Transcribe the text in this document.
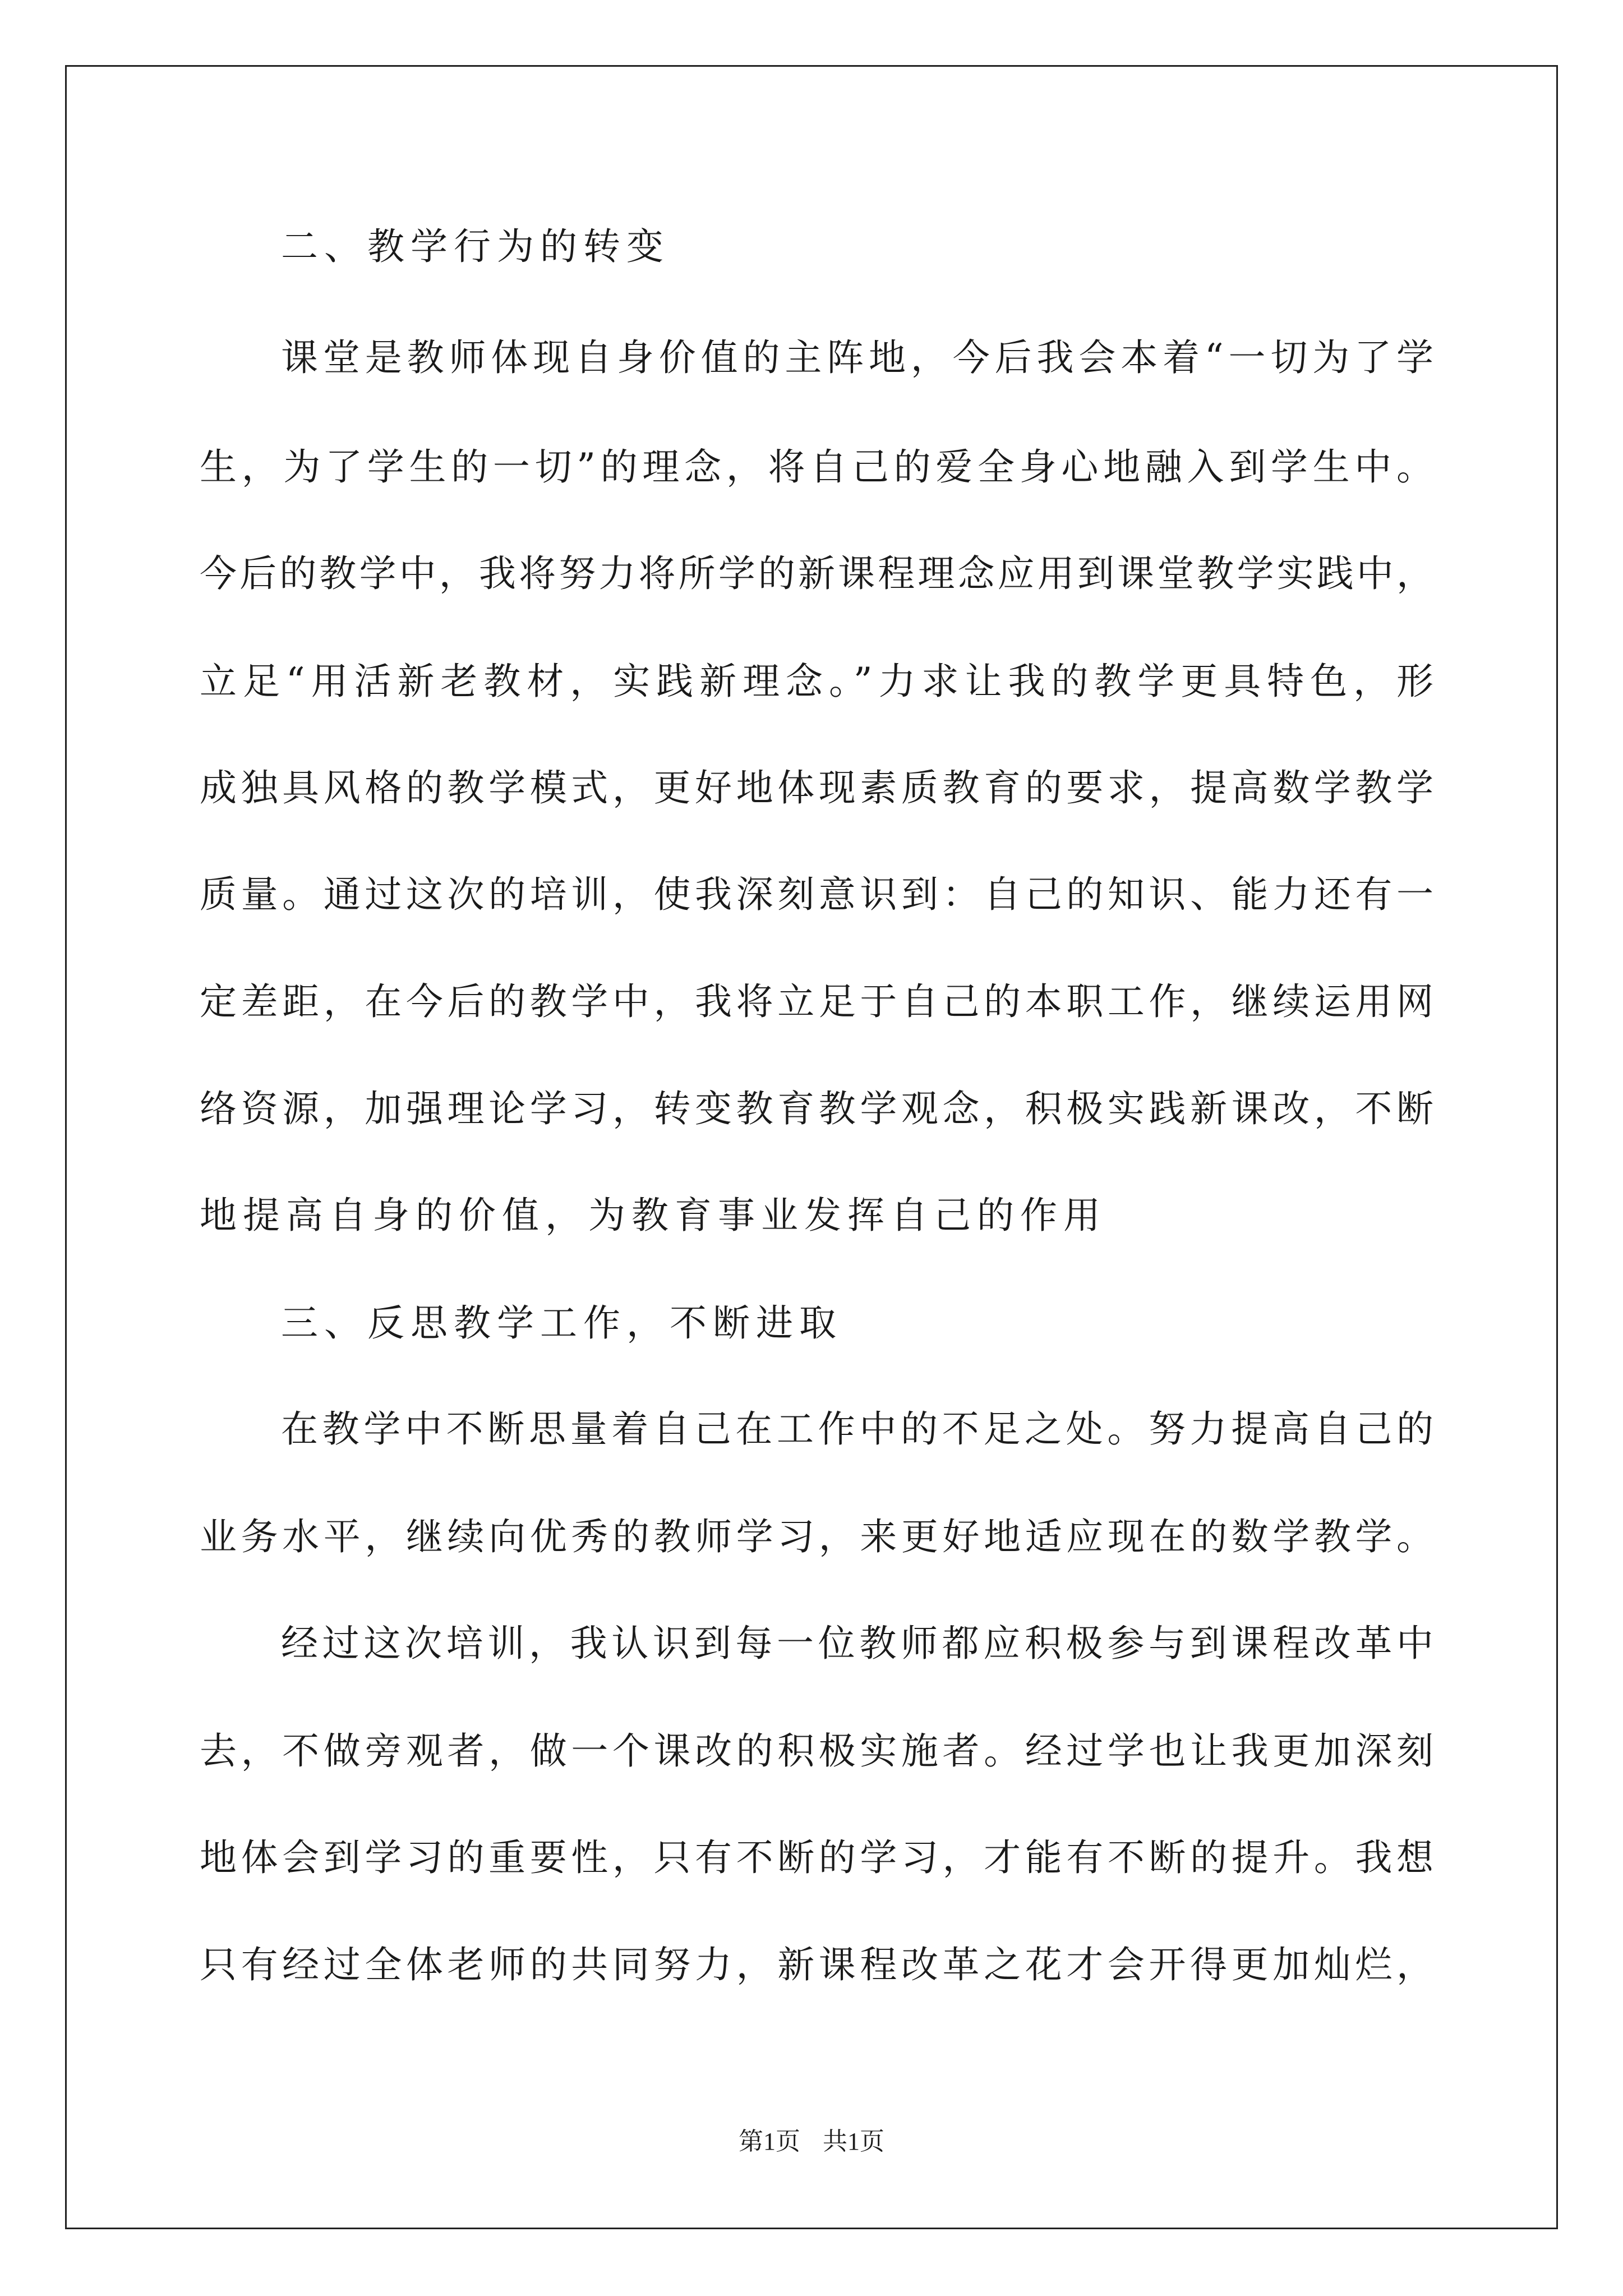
二、教学行为的转变
课堂是教师体现自身价值的主阵地，今后我会本着“一切为了学
生，为了学生的一切”的理念，将自己的爱全身心地融入到学生中。
今后的教学中，我将努力将所学的新课程理念应用到课堂教学实践中，
立足“用活新老教材，实践新理念。”力求让我的教学更具特色，形
成独具风格的教学模式，更好地体现素质教育的要求，提高数学教学
质量。通过这次的培训，使我深刻意识到：自己的知识、能力还有一
定差距，在今后的教学中，我将立足于自己的本职工作，继续运用网
络资源，加强理论学习，转变教育教学观念，积极实践新课改，不断
地提高自身的价值，为教育事业发挥自己的作用
三、反思教学工作，不断进取
在教学中不断思量着自己在工作中的不足之处。努力提高自己的
业务水平，继续向优秀的教师学习，来更好地适应现在的数学教学。
经过这次培训，我认识到每一位教师都应积极参与到课程改革中
去，不做旁观者，做一个课改的积极实施者。经过学也让我更加深刻
地体会到学习的重要性，只有不断的学习，才能有不断的提升。我想
只有经过全体老师的共同努力，新课程改革之花才会开得更加灿烂，
第1页 共1页
